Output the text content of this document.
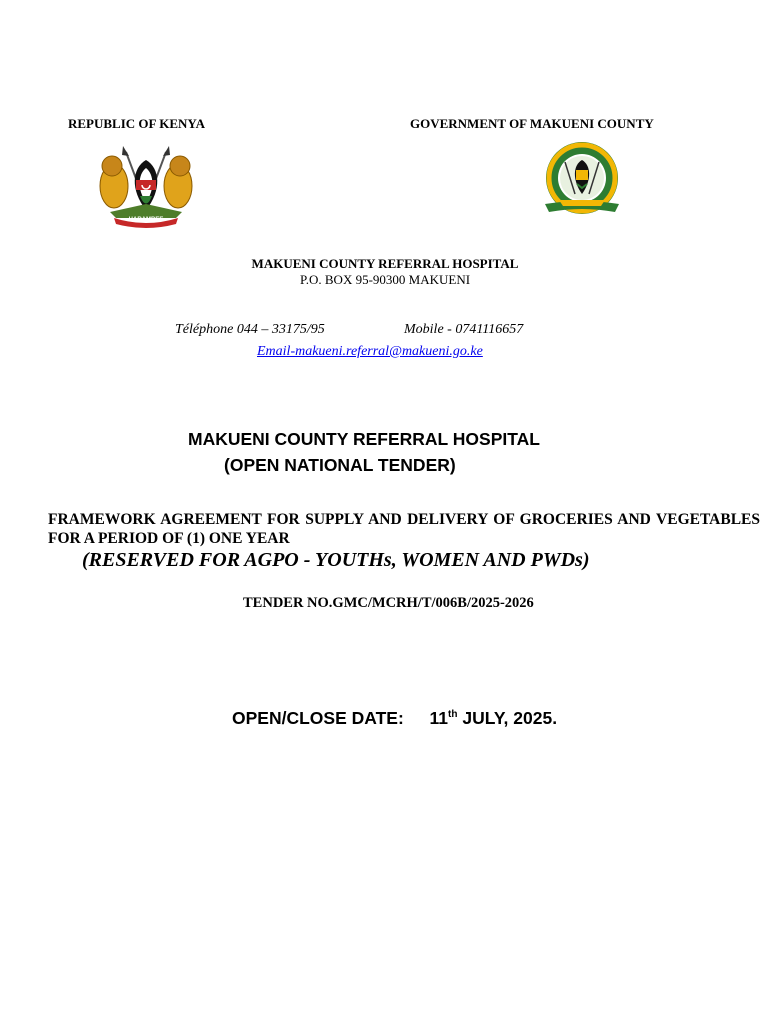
REPUBLIC OF KENYA	GOVERNMENT OF MAKUENI COUNTY
HARAMBEE
MAKUENI COUNTY REFERRAL HOSPITAL
P.O. BOX 95-90300 MAKUENI
Téléphone 044 – 33175/95	Mobile - 0741116657
Email-makueni.referral@makueni.go.ke
MAKUENI COUNTY REFERRAL HOSPITAL
(OPEN NATIONAL TENDER)
FRAMEWORK AGREEMENT FOR SUPPLY AND DELIVERY OF GROCERIES AND VEGETABLES FOR A PERIOD OF (1) ONE YEAR
(RESERVED FOR AGPO - YOUTHs, WOMEN AND PWDs)
TENDER NO.GMC/MCRH/T/006B/2025-2026
OPEN/CLOSE DATE: 11th JULY, 2025.
